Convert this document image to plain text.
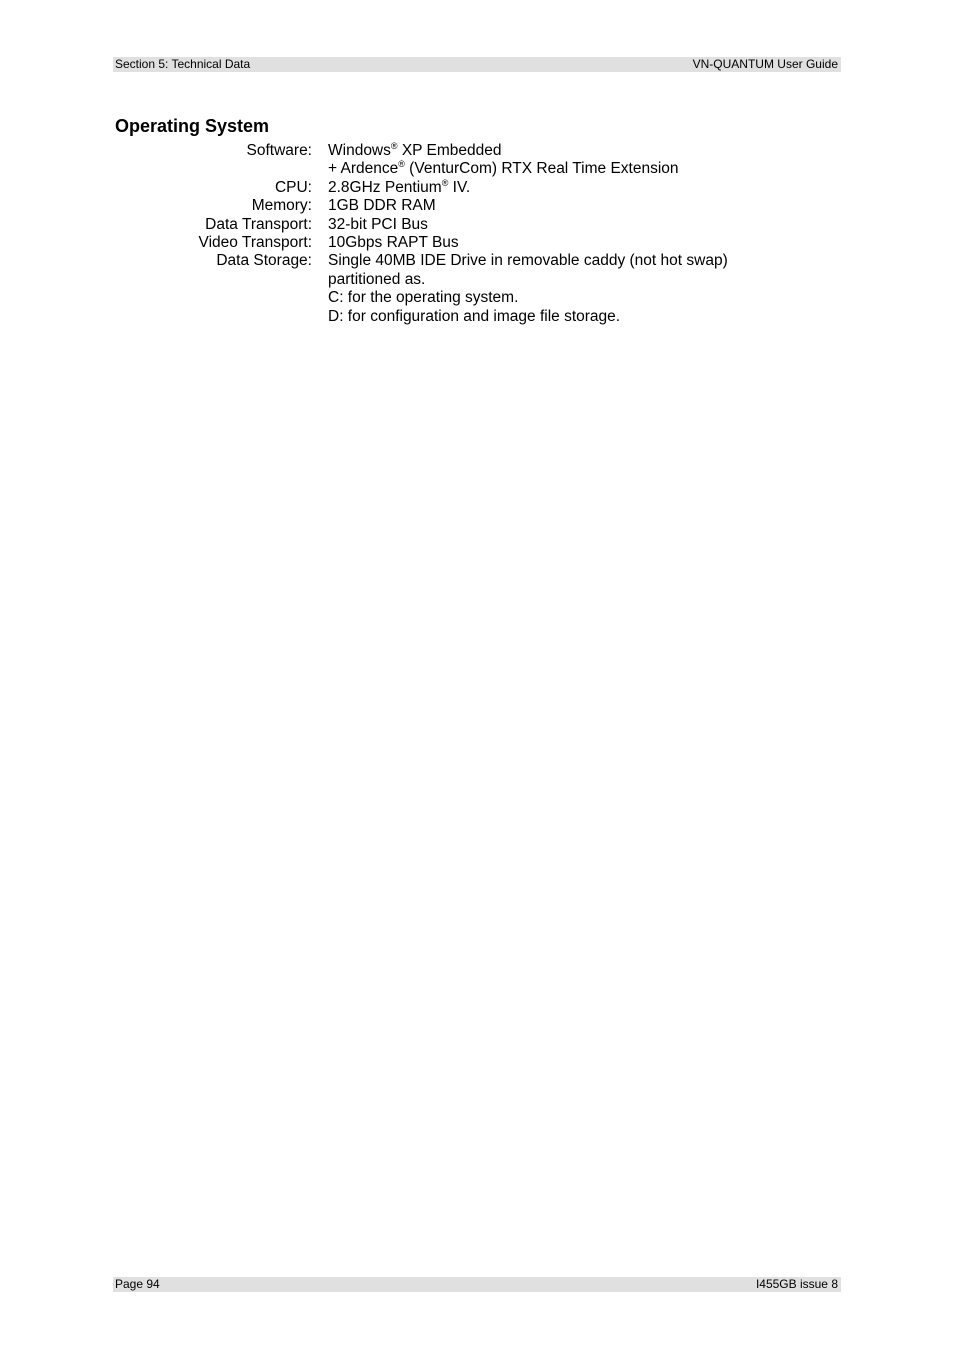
Section 5: Technical Data	VN-QUANTUM User Guide
Operating System
Software: Windows® XP Embedded
+ Ardence® (VenturCom) RTX Real Time Extension
CPU: 2.8GHz Pentium® IV.
Memory: 1GB DDR RAM
Data Transport: 32-bit PCI Bus
Video Transport: 10Gbps RAPT Bus
Data Storage: Single 40MB IDE Drive in removable caddy (not hot swap)
partitioned as.
C: for the operating system.
D: for configuration and image file storage.
Page 94	I455GB issue 8
